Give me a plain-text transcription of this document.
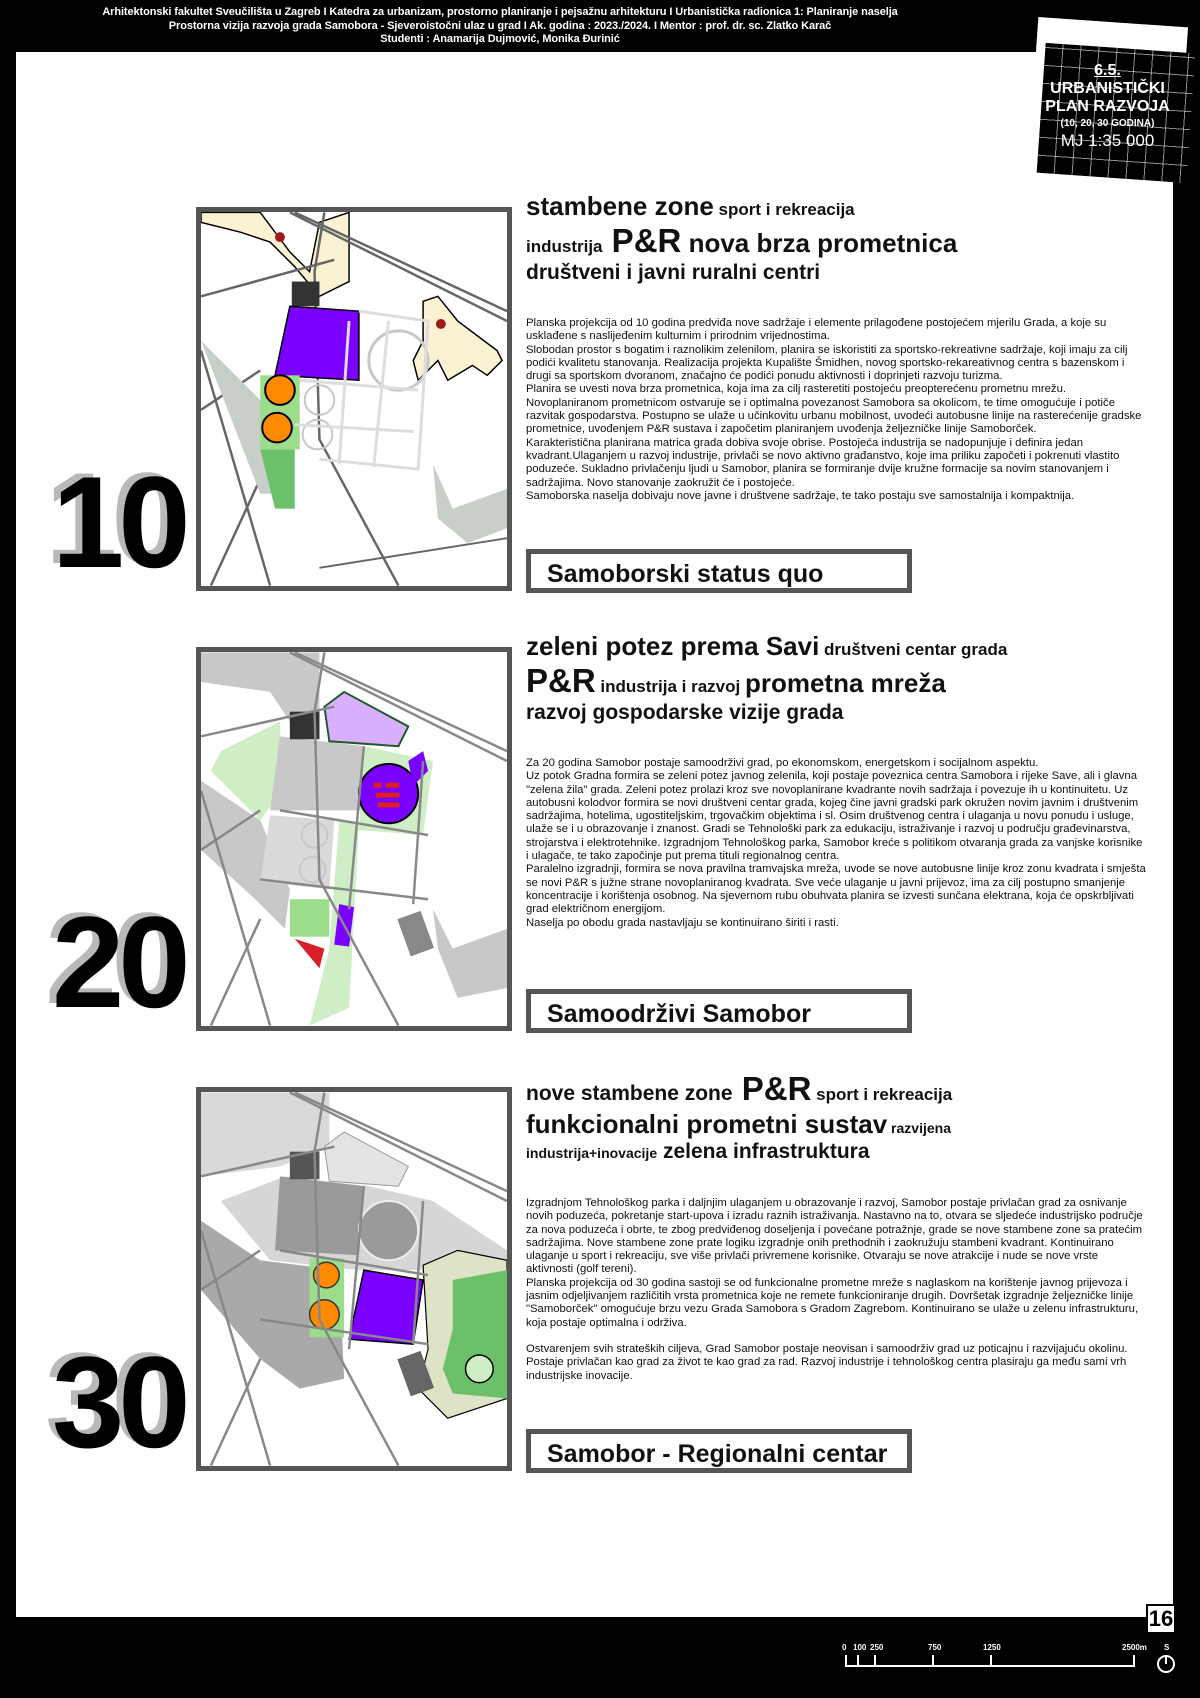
Arhitektonski fakultet Sveučilišta u Zagreb I Katedra za urbanizam, prostorno planiranje i pejsažnu arhitekturu I Urbanistička radionica 1: Planiranje naselja
Prostorna vizija razvoja grada Samobora - Sjeveroistočni ulaz u grad I Ak. godina : 2023./2024. I Mentor : prof. dr. sc. Zlatko Karač
Studenti : Anamarija Dujmović, Monika Đurinić
6.5.
URBANISTIČKI
PLAN RAZVOJA
(10, 20, 30 GODINA)
MJ 1:35 000
10
stambene zone sport i rekreacija
industrija P&R nova brza prometnica
društveni i javni ruralni centri

Planska projekcija od 10 godina predviđa nove sadržaje i elemente prilagođene postojećem mjerilu Grada, a koje su usklađene s naslijeđenim kulturnim i prirodnim vrijednostima.

Slobodan prostor s bogatim i raznolikim zelenilom, planira se iskoristiti za sportsko-rekreativne sadržaje, koji imaju za cilj podići kvalitetu stanovanja. Realizacija projekta Kupalište Šmidhen, novog sportsko-rekareativnog centra s bazenskom i drugi sa sportskom dvoranom, značajno će podići ponudu aktivnosti i doprinjeti razvoju turizma.

Planira se uvesti nova brza prometnica, koja ima za cilj rasteretiti postojeću preopterećenu prometnu mrežu.

Novoplaniranom prometnicom ostvaruje se i optimalna povezanost Samobora sa okolicom, te time omogućuje i potiče razvitak gospodarstva. Postupno se ulaže u učinkovitu urbanu mobilnost, uvodeći autobusne linije na rasterećenije gradske prometnice, uvođenjem P&R sustava i započetim planiranjem uvođenja željezničke linije Samoborček.

Karakteristična planirana matrica grada dobiva svoje obrise. Postojeća industrija se nadopunjuje i definira jedan kvadrant.Ulaganjem u razvoj industrije, privlači se novo aktivno građanstvo, koje ima priliku započeti i pokrenuti vlastito poduzeće. Sukladno privlačenju ljudi u Samobor, planira se formiranje dvije kružne formacije sa novim stanovanjem i sadržajima. Novo stanovanje zaokružit će i postojeće.

Samoborska naselja dobivaju nove javne i društvene sadržaje, te tako postaju sve samostalnija i kompaktnija.

Samoborski status quo
20
zeleni potez prema Savi društveni centar grada
P&R industrija i razvoj prometna mreža
razvoj gospodarske vizije grada

Za 20 godina Samobor postaje samoodrživi grad, po ekonomskom, energetskom i socijalnom aspektu.

Uz potok Gradna formira se zeleni potez javnog zelenila, koji postaje poveznica centra Samobora i rijeke Save, ali i glavna "zelena žila" grada. Zeleni potez prolazi kroz sve novoplanirane kvadrante novih sadržaja i povezuje ih u kontinuitetu. Uz autobusni kolodvor formira se novi društveni centar grada, kojeg čine javni gradski park okružen novim javnim i društvenim sadržajima, hotelima, ugostiteljskim, trgovačkim objektima i sl. Osim društvenog centra i ulaganja u novu ponudu i usluge, ulaže se i u obrazovanje i znanost. Gradi se Tehnološki park za edukaciju, istraživanje i razvoj u području građevinarstva, strojarstva i elektrotehnike. Izgradnjom Tehnološkog parka, Samobor kreće s politikom otvaranja grada za vanjske korisnike i ulagače, te tako započinje put prema tituli regionalnog centra.

Paralelno izgradnji, formira se nova pravilna tramvajska mreža, uvode se nove autobusne linije kroz zonu kvadrata i smješta se novi P&R s južne strane novoplaniranog kvadrata. Sve veće ulaganje u javni prijevoz, ima za cilj postupno smanjenje koncentracije i korištenja osobnog. Na sjevernom rubu obuhvata planira se izvesti sunčana elektrana, koja će opskrbljivati grad električnom energijom.

Naselja po obodu grada nastavljaju se kontinuirano širiti i rasti.

Samoodrživi Samobor
30
nove stambene zone P&R sport i rekreacija
funkcionalni prometni sustav razvijena
industrija+inovacije zelena infrastruktura

Izgradnjom Tehnološkog parka i daljnjim ulaganjem u obrazovanje i razvoj, Samobor postaje privlačan grad za osnivanje novih poduzeća, pokretanje start-upova i izradu raznih istraživanja. Nastavno na to, otvara se sljedeće industrijsko područje za nova poduzeća i obrte, te zbog predviđenog doseljenja i povećane potražnje, grade se nove stambene zone sa pratećim sadržajima. Nove stambene zone prate logiku izgradnje onih prethodnih i zaokružuju stambeni kvadrant. Kontinuirano ulaganje u sport i rekreaciju, sve više privlači privremene korisnike. Otvaraju se nove atrakcije i nude se nove vrste aktivnosti (golf tereni).

Planska projekcija od 30 godina sastoji se od funkcionalne prometne mreže s naglaskom na korištenje javnog prijevoza i jasnim odjeljivanjem različitih vrsta prometnica koje ne remete funkcioniranje drugih. Dovršetak izgradnje željezničke linije "Samoborček" omogućuje brzu vezu Grada Samobora s Gradom Zagrebom. Kontinuirano se ulaže u zelenu infrastrukturu, koja postaje optimalna i održiva.

Ostvarenjem svih strateških ciljeva, Grad Samobor postaje neovisan i samoodrživ grad uz poticajnu i razvijajuću okolinu. Postaje privlačan kao grad za život te kao grad za rad. Razvoj industrije i tehnološkog centra plasiraju ga među sami vrh industrijske inovacije.

Samobor - Regionalni centar
16
0 100 250	750	1250	2500m S
